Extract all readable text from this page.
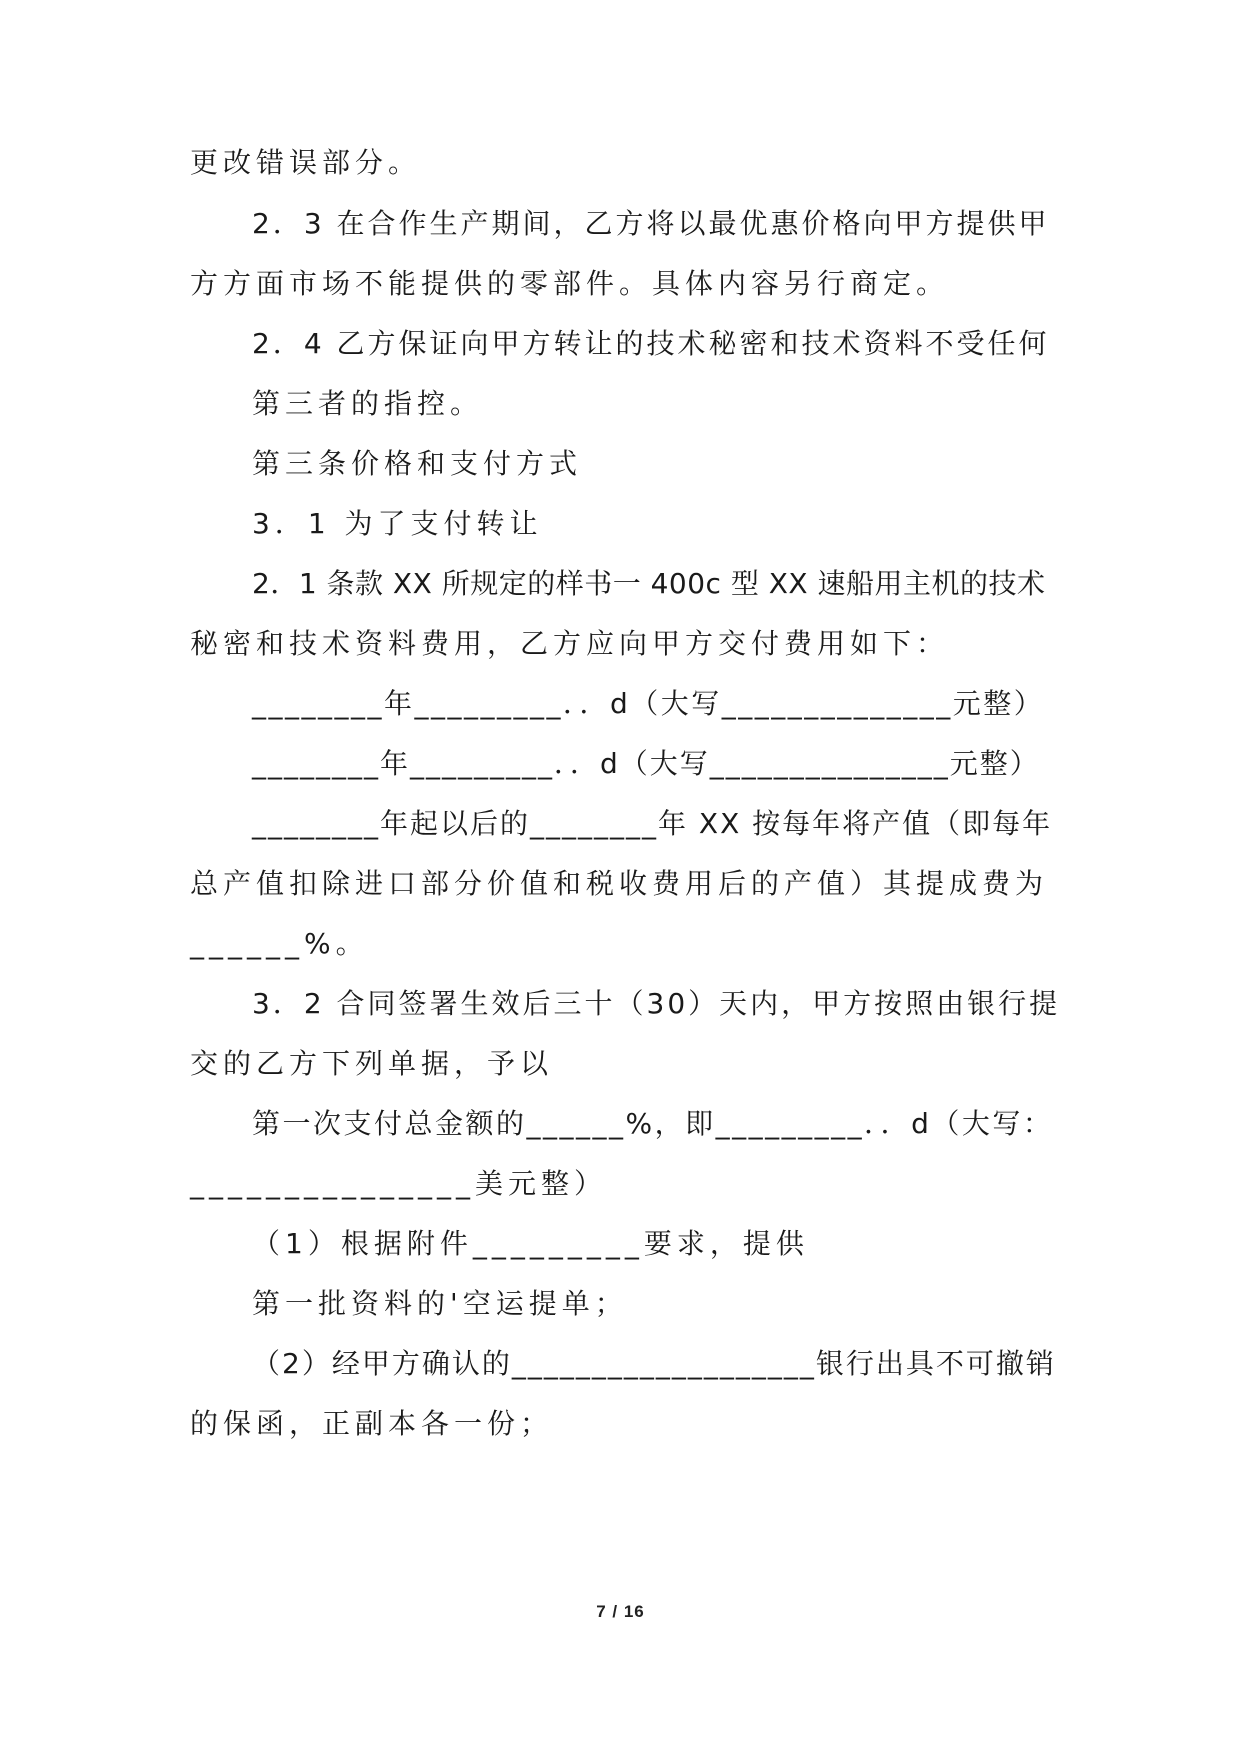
更改错误部分。
2．3 在合作生产期间，乙方将以最优惠价格向甲方提供甲
方方面市场不能提供的零部件。具体内容另行商定。
2．4 乙方保证向甲方转让的技术秘密和技术资料不受任何
第三者的指控。
第三条价格和支付方式
3．1 为了支付转让
2．1 条款 XX 所规定的样书一 400c 型 XX 速船用主机的技术
秘密和技术资料费用，乙方应向甲方交付费用如下：
________年_________．．d（大写______________元整）
________年_________．．d（大写_______________元整）
________年起以后的________年 XX 按每年将产值（即每年
总产值扣除进口部分价值和税收费用后的产值）其提成费为
______%。
3．2 合同签署生效后三十（30）天内，甲方按照由银行提
交的乙方下列单据，予以
第一次支付总金额的______%，即_________．．d（大写：
_______________美元整）
（1）根据附件_________要求，提供
第一批资料的'空运提单；
（2）经甲方确认的___________________银行出具不可撤销
的保函，正副本各一份；
7 / 16
